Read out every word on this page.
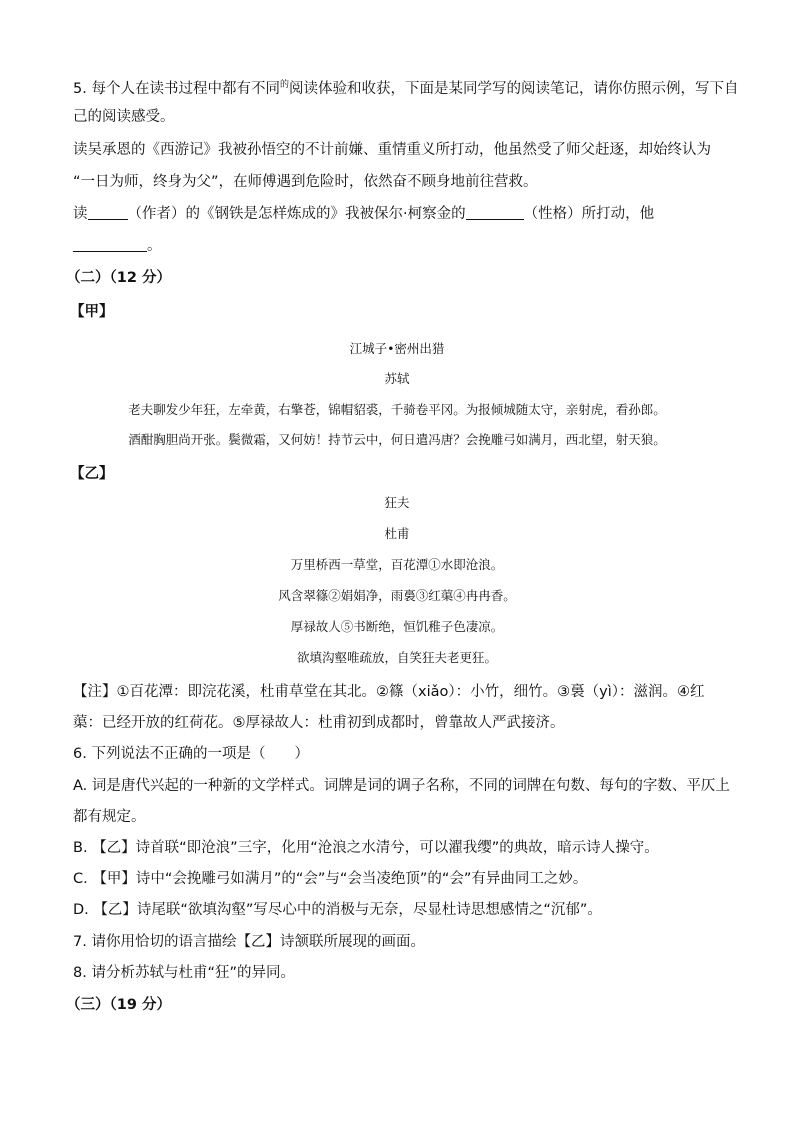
5. 每个人在读书过程中都有不同$^的$阅读体验和收获，下面是某同学写的阅读笔记，请你仿照示例，写下自
己的阅读感受。
读吴承恩的《西游记》我被孙悟空的不计前嫌、重情重义所打动，他虽然受了师父赶逐，却始终认为
“一日为师，终身为父”，在师傅遇到危险时，依然奋不顾身地前往营救。
读	（作者）的《钢铁是怎样炼成的》我被保尔·柯察金的	（性格）所打动，他
。
（二）（12 分）
【甲】
江城子•密州出猎
苏轼
老夫聊发少年狂，左牵黄，右擎苍，锦帽貂裘，千骑卷平冈。为报倾城随太守，亲射虎，看孙郎。
酒酣胸胆尚开张。鬓微霜，又何妨！持节云中，何日遣冯唐？会挽雕弓如满月，西北望，射天狼。
【乙】
狂夫
杜甫
万里桥西一草堂，百花潭①水即沧浪。
风含翠篠②娟娟净，雨裛③红蕖④冉冉香。
厚禄故人⑤书断绝，恒饥稚子色凄凉。
欲填沟壑唯疏放，自笑狂夫老更狂。
【注】①百花潭：即浣花溪，杜甫草堂在其北。②篠（xiǎo）：小竹，细竹。③裛（yì）：滋润。④红
蕖：已经开放的红荷花。⑤厚禄故人：杜甫初到成都时，曾靠故人严武接济。
6. 下列说法不正确的一项是（　　）
A. 词是唐代兴起的一种新的文学样式。词牌是词的调子名称，不同的词牌在句数、每句的字数、平仄上
都有规定。
B. 【乙】诗首联“即沧浪”三字，化用“沧浪之水清兮，可以濯我缨”的典故，暗示诗人操守。
C. 【甲】诗中“会挽雕弓如满月”的“会”与“会当凌绝顶”的“会”有异曲同工之妙。
D. 【乙】诗尾联“欲填沟壑”写尽心中的消极与无奈，尽显杜诗思想感情之“沉郁”。
7. 请你用恰切的语言描绘【乙】诗颔联所展现的画面。
8. 请分析苏轼与杜甫“狂”的异同。
（三）（19 分）
